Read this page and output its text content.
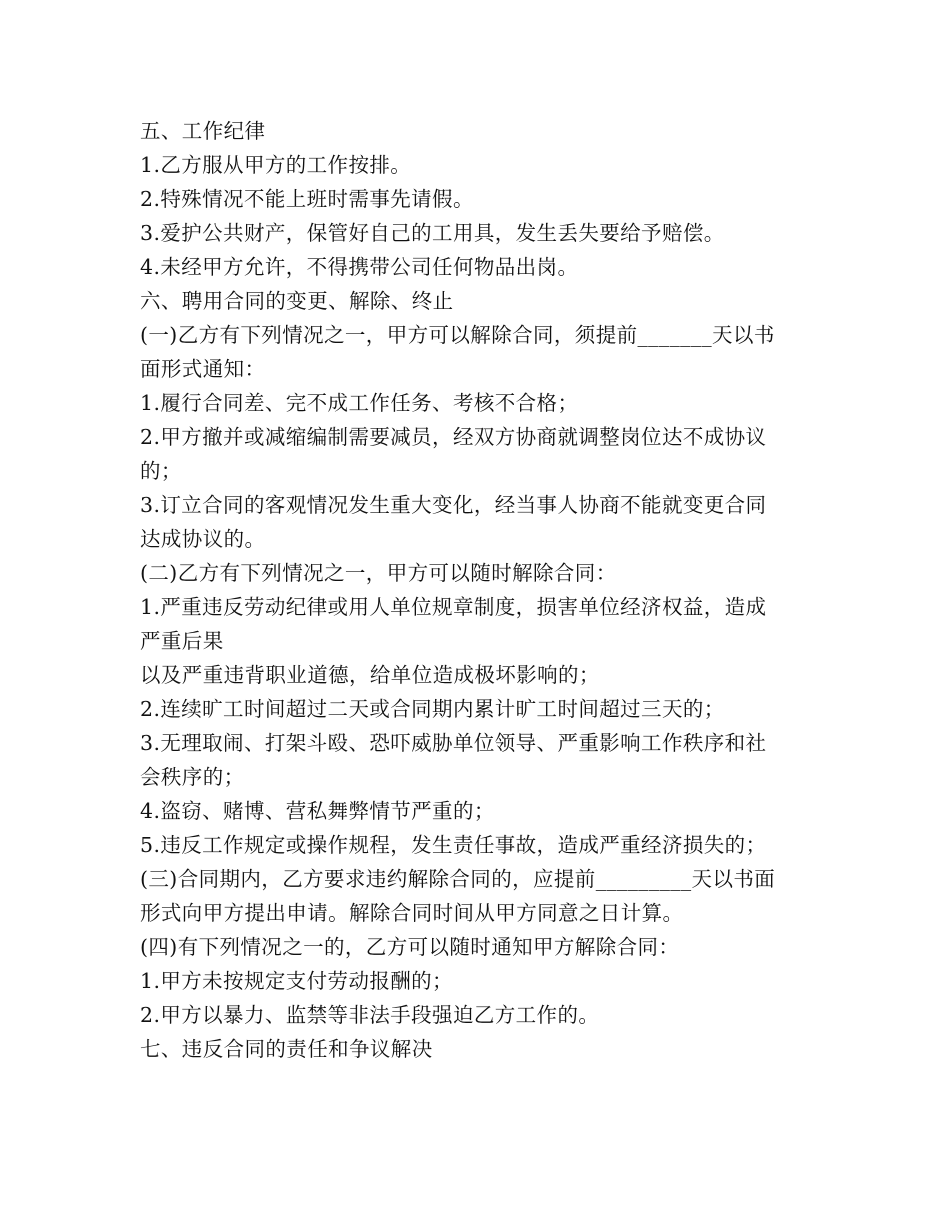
五、工作纪律
1.乙方服从甲方的工作按排。
2.特殊情况不能上班时需事先请假。
3.爱护公共财产，保管好自己的工用具，发生丢失要给予赔偿。
4.未经甲方允许，不得携带公司任何物品出岗。
六、聘用合同的变更、解除、终止
(一)乙方有下列情况之一，甲方可以解除合同，须提前_______天以书
面形式通知：
1.履行合同差、完不成工作任务、考核不合格；
2.甲方撤并或减缩编制需要减员，经双方协商就调整岗位达不成协议
的；
3.订立合同的客观情况发生重大变化，经当事人协商不能就变更合同
达成协议的。
(二)乙方有下列情况之一，甲方可以随时解除合同：
1.严重违反劳动纪律或用人单位规章制度，损害单位经济权益，造成
严重后果
以及严重违背职业道德，给单位造成极坏影响的；
2.连续旷工时间超过二天或合同期内累计旷工时间超过三天的；
3.无理取闹、打架斗殴、恐吓威胁单位领导、严重影响工作秩序和社
会秩序的；
4.盗窃、赌博、营私舞弊情节严重的；
5.违反工作规定或操作规程，发生责任事故，造成严重经济损失的；
(三)合同期内，乙方要求违约解除合同的，应提前_________天以书面
形式向甲方提出申请。解除合同时间从甲方同意之日计算。
(四)有下列情况之一的，乙方可以随时通知甲方解除合同：
1.甲方未按规定支付劳动报酬的；
2.甲方以暴力、监禁等非法手段强迫乙方工作的。
七、违反合同的责任和争议解决
